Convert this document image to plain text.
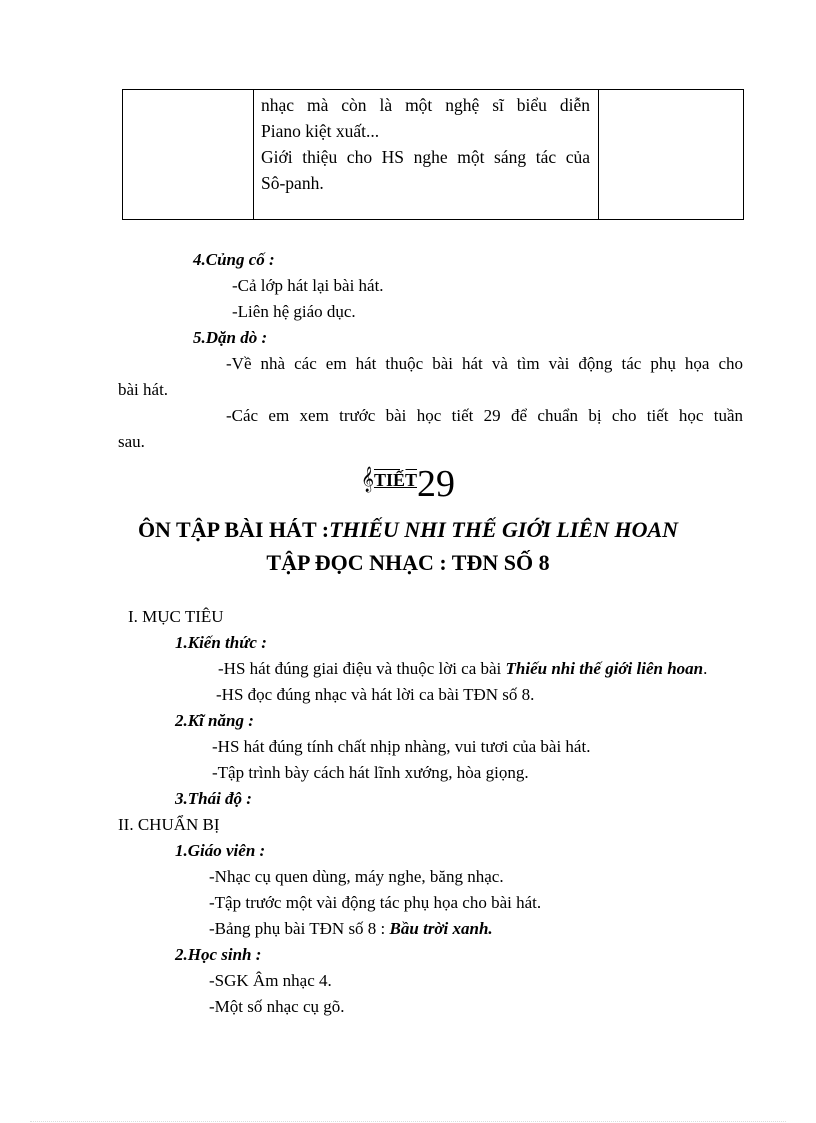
nhạc mà còn là một nghệ sĩ biểu diễn
Piano kiệt xuất...
Giới thiệu cho HS nghe một sáng tác của
Sô-panh.

4.Củng cố :
-Cả lớp hát lại bài hát.
-Liên hệ giáo dục.
5.Dặn dò :
-Về nhà các em hát thuộc bài hát và tìm vài động tác phụ họa cho
bài hát.
-Các em xem trước bài học tiết 29 để chuẩn bị cho tiết học tuần
sau.
$^{𝄞TIẾT}$29
ÔN TẬP BÀI HÁT :THIẾU NHI THẾ GIỚI LIÊN HOAN
TẬP ĐỌC NHẠC : TĐN SỐ 8
I. MỤC TIÊU
1.Kiến thức :
-HS hát đúng giai điệu và thuộc lời ca bài Thiếu nhi thế giới liên hoan.
-HS đọc đúng nhạc và hát lời ca bài TĐN số 8.
2.Kĩ năng :
-HS hát đúng tính chất nhịp nhàng, vui tươi của bài hát.
-Tập trình bày cách hát lĩnh xướng, hòa giọng.
3.Thái độ :
II. CHUẨN BỊ
1.Giáo viên :
-Nhạc cụ quen dùng, máy nghe, băng nhạc.
-Tập trước một vài động tác phụ họa cho bài hát.
-Bảng phụ bài TĐN số 8 : Bầu trời xanh.
2.Học sinh :
-SGK Âm nhạc 4.
-Một số nhạc cụ gõ.
